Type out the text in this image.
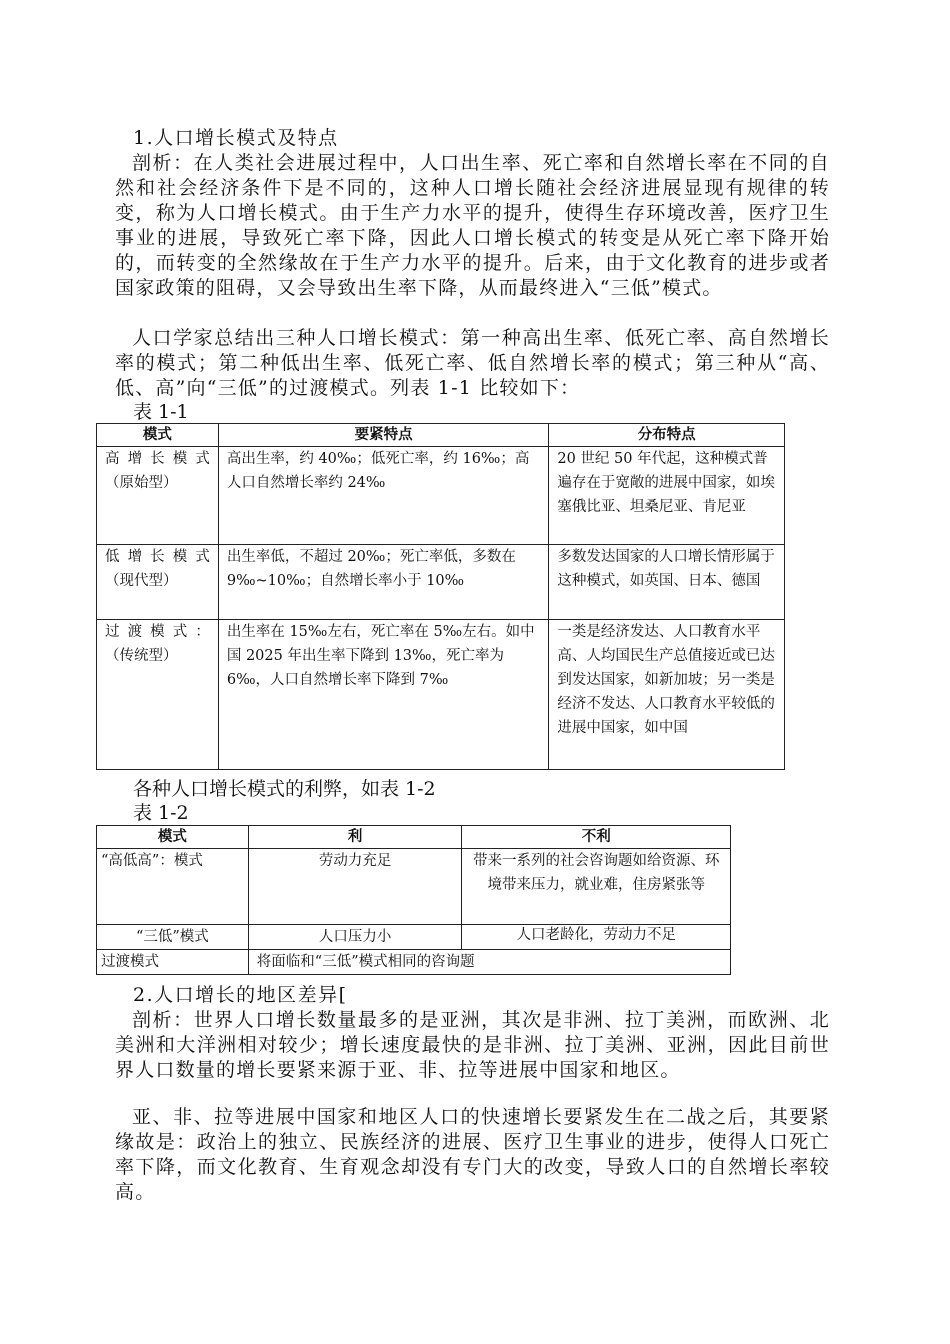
1.人口增长模式及特点

剖析：在人类社会进展过程中，人口出生率、死亡率和自然增长率在不同的自然和社会经济条件下是不同的，这种人口增长随社会经济进展显现有规律的转变，称为人口增长模式。由于生产力水平的提升，使得生存环境改善，医疗卫生事业的进展，导致死亡率下降，因此人口增长模式的转变是从死亡率下降开始的，而转变的全然缘故在于生产力水平的提升。后来，由于文化教育的进步或者国家政策的阻碍，又会导致出生率下降，从而最终进入“三低”模式。

人口学家总结出三种人口增长模式：第一种高出生率、低死亡率、高自然增长率的模式；第二种低出生率、低死亡率、低自然增长率的模式；第三种从“高、低、高”向“三低”的过渡模式。列表 1-1 比较如下：

表 1-1

模式	要紧特点	分布特点

高增长模式
（原始型）	高出生率，约 40‰；低死亡率，约 16‰；高人口自然增长率约 24‰	20 世纪 50 年代起，这种模式普遍存在于宽敞的进展中国家，如埃塞俄比亚、坦桑尼亚、肯尼亚

低增长模式
（现代型）	出生率低，不超过 20‰；死亡率低，多数在 9‰~10‰；自然增长率小于 10‰	多数发达国家的人口增长情形属于这种模式，如英国、日本、德国

过渡模式：
（传统型）	出生率在 15‰左右，死亡率在 5‰左右。如中国 2025 年出生率下降到 13‰，死亡率为 6‰，人口自然增长率下降到 7‰	一类是经济发达、人口教育水平高、人均国民生产总值接近或已达到发达国家，如新加坡；另一类是经济不发达、人口教育水平较低的进展中国家，如中国

各种人口增长模式的利弊，如表 1-2

表 1-2

模式	利	不利
“高低高”：模式	劳动力充足	带来一系列的社会咨询题如给资源、环境带来压力，就业难，住房紧张等
“三低”模式	人口压力小	人口老龄化，劳动力不足
过渡模式	将面临和“三低”模式相同的咨询题	

2.人口增长的地区差异[

剖析：世界人口增长数量最多的是亚洲，其次是非洲、拉丁美洲，而欧洲、北美洲和大洋洲相对较少；增长速度最快的是非洲、拉丁美洲、亚洲，因此目前世界人口数量的增长要紧来源于亚、非、拉等进展中国家和地区。

亚、非、拉等进展中国家和地区人口的快速增长要紧发生在二战之后，其要紧缘故是：政治上的独立、民族经济的进展、医疗卫生事业的进步，使得人口死亡率下降，而文化教育、生育观念却没有专门大的改变，导致人口的自然增长率较高。
